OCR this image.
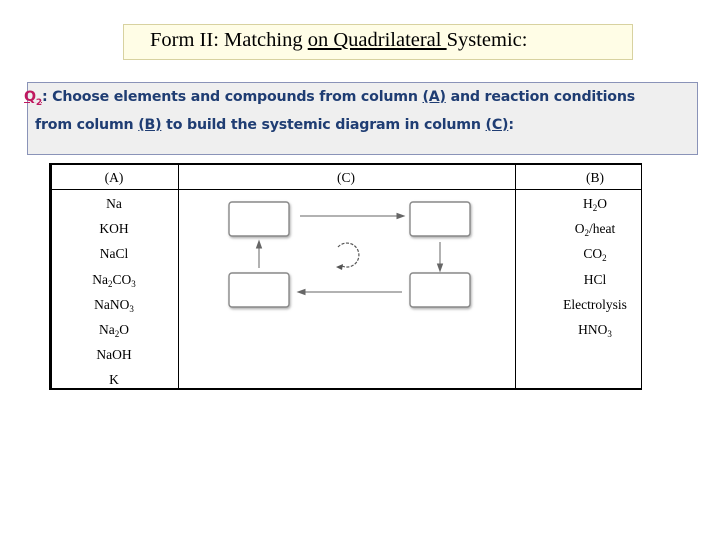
Form II: Matching on Quadrilateral Systemic:
$Q_2$: Choose elements and compounds from column (A) and reaction conditions
from column (B) to build the systemic diagram in column (C):
(A)	(C)	(B)
Na
KOH
NaCl
$Na_2CO_3$
NaNO$_3$
$Na_2O$
NaOH
K
$H_2O$
$O_2$/heat
$CO_2$
HCl
Electrolysis
$HNO_3$
